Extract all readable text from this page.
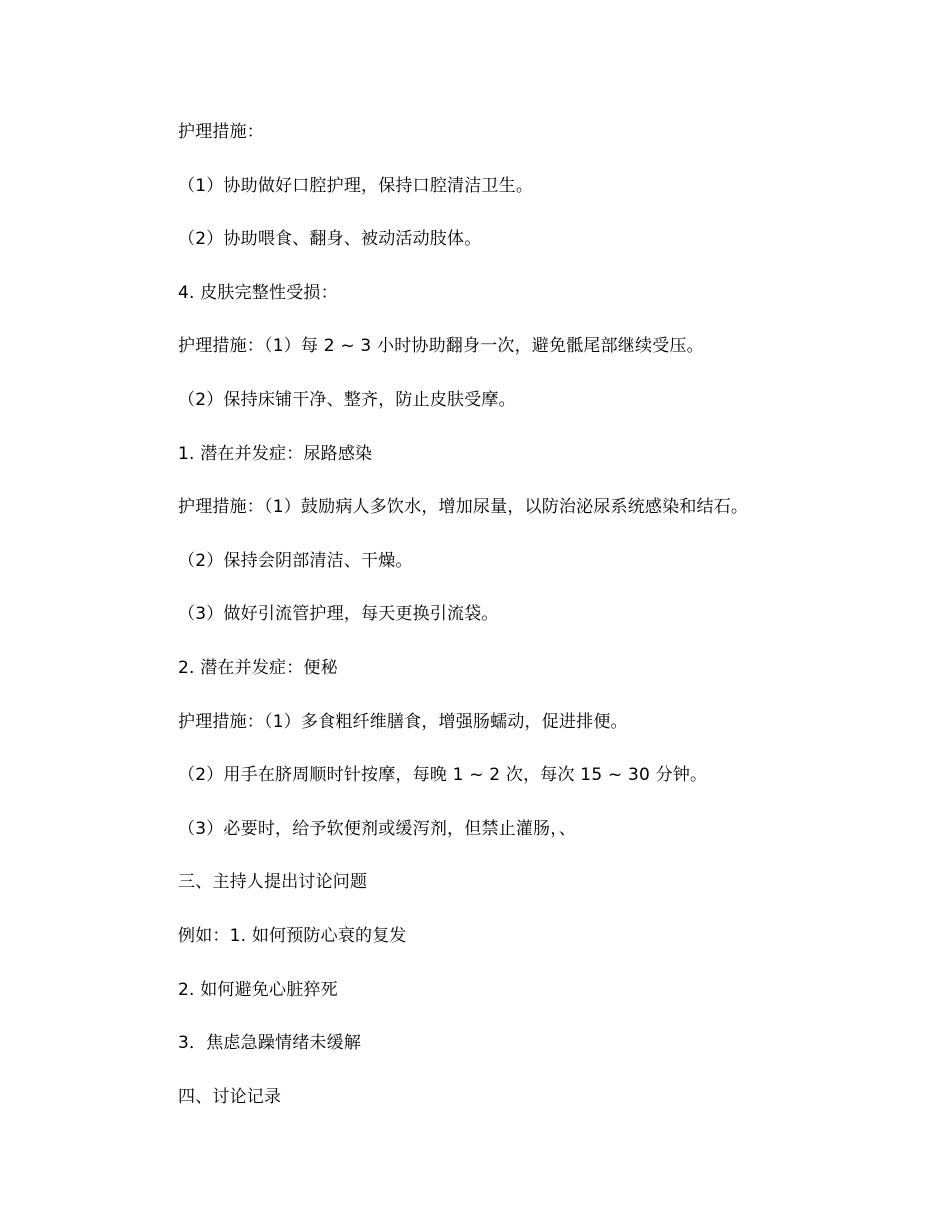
护理措施：
（1）协助做好口腔护理，保持口腔清洁卫生。
（2）协助喂食、翻身、被动活动肢体。
4. 皮肤完整性受损：
护理措施：（1）每 2 ~ 3 小时协助翻身一次，避免骶尾部继续受压。
（2）保持床铺干净、整齐，防止皮肤受摩。
1. 潜在并发症：尿路感染
护理措施：（1）鼓励病人多饮水，增加尿量，以防治泌尿系统感染和结石。
（2）保持会阴部清洁、干燥。
（3）做好引流管护理，每天更换引流袋。
2. 潜在并发症：便秘
护理措施：（1）多食粗纤维膳食，增强肠蠕动，促进排便。
（2）用手在脐周顺时针按摩，每晚 1 ~ 2 次，每次 15 ~ 30 分钟。
（3）必要时，给予软便剂或缓泻剂，但禁止灌肠，、
三、主持人提出讨论问题
例如：1. 如何预防心衰的复发
2. 如何避免心脏猝死
3．焦虑急躁情绪未缓解
四、讨论记录
